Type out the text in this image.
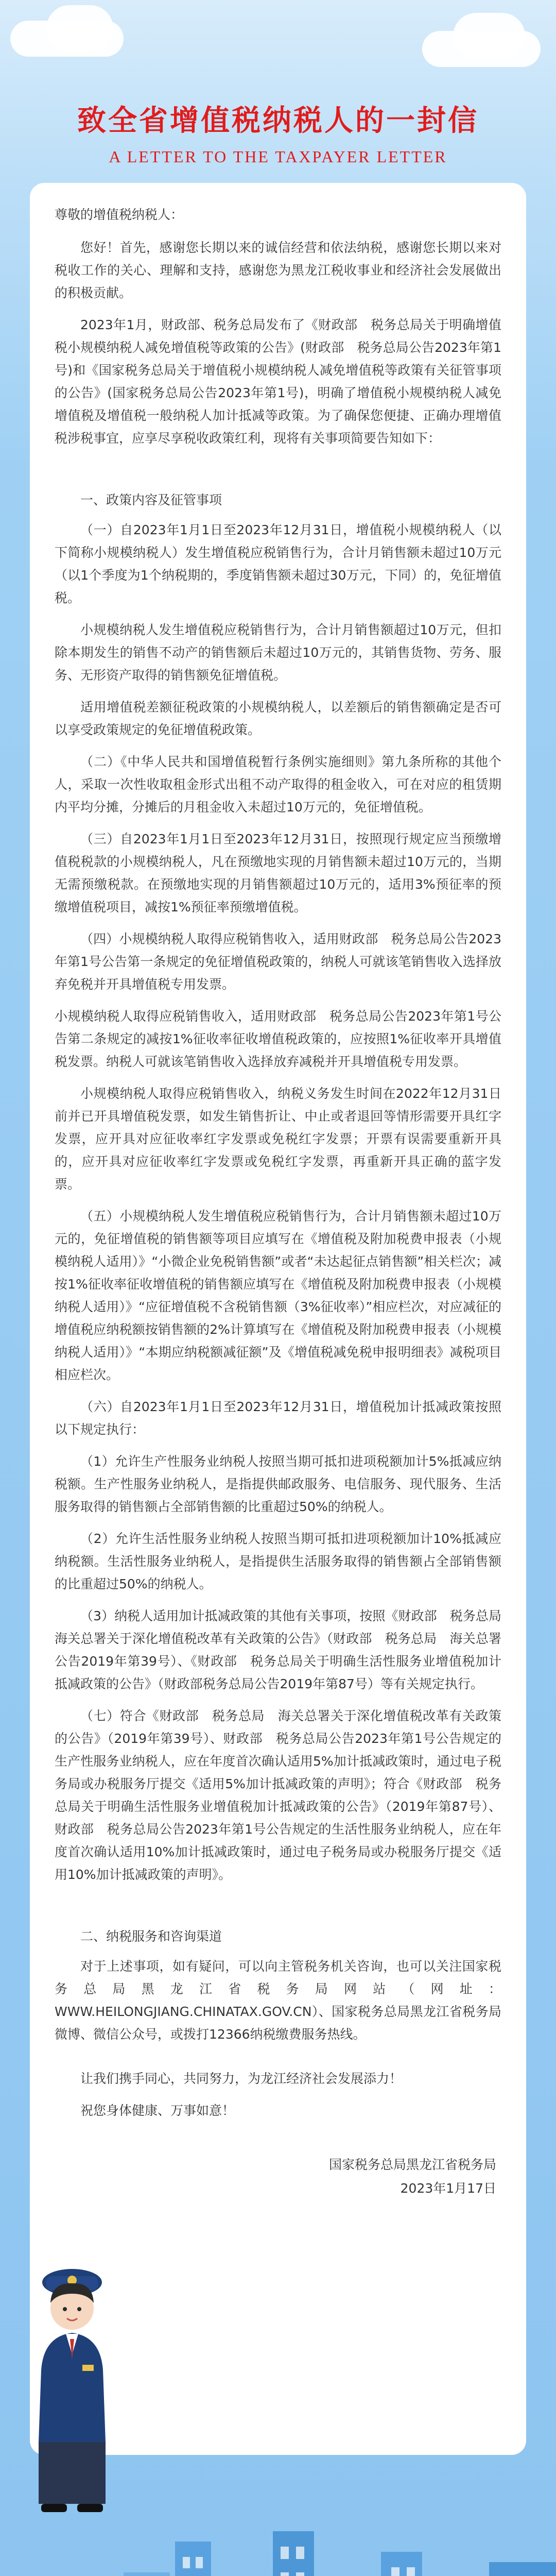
致全省增值税纳税人的一封信
A LETTER TO THE TAXPAYER LETTER
尊敬的增值税纳税人：

您好！首先，感谢您长期以来的诚信经营和依法纳税，感谢您长期以来对税收工作的关心、理解和支持，感谢您为黑龙江税收事业和经济社会发展做出的积极贡献。

2023年1月，财政部、税务总局发布了《财政部　税务总局关于明确增值税小规模纳税人减免增值税等政策的公告》(财政部　税务总局公告2023年第1号)和《国家税务总局关于增值税小规模纳税人减免增值税等政策有关征管事项的公告》(国家税务总局公告2023年第1号)，明确了增值税小规模纳税人减免增值税及增值税一般纳税人加计抵减等政策。为了确保您便捷、正确办理增值税涉税事宜，应享尽享税收政策红利，现将有关事项简要告知如下：

一、政策内容及征管事项

（一）自2023年1月1日至2023年12月31日，增值税小规模纳税人（以下简称小规模纳税人）发生增值税应税销售行为，合计月销售额未超过10万元（以1个季度为1个纳税期的，季度销售额未超过30万元，下同）的，免征增值税。

小规模纳税人发生增值税应税销售行为，合计月销售额超过10万元，但扣除本期发生的销售不动产的销售额后未超过10万元的，其销售货物、劳务、服务、无形资产取得的销售额免征增值税。

适用增值税差额征税政策的小规模纳税人，以差额后的销售额确定是否可以享受政策规定的免征增值税政策。

（二）《中华人民共和国增值税暂行条例实施细则》第九条所称的其他个人，采取一次性收取租金形式出租不动产取得的租金收入，可在对应的租赁期内平均分摊，分摊后的月租金收入未超过10万元的，免征增值税。

（三）自2023年1月1日至2023年12月31日，按照现行规定应当预缴增值税税款的小规模纳税人，凡在预缴地实现的月销售额未超过10万元的，当期无需预缴税款。在预缴地实现的月销售额超过10万元的，适用3%预征率的预缴增值税项目，减按1%预征率预缴增值税。

（四）小规模纳税人取得应税销售收入，适用财政部　税务总局公告2023年第1号公告第一条规定的免征增值税政策的，纳税人可就该笔销售收入选择放弃免税并开具增值税专用发票。

小规模纳税人取得应税销售收入，适用财政部　税务总局公告2023年第1号公告第二条规定的减按1%征收率征收增值税政策的，应按照1%征收率开具增值税发票。纳税人可就该笔销售收入选择放弃减税并开具增值税专用发票。

小规模纳税人取得应税销售收入，纳税义务发生时间在2022年12月31日前并已开具增值税发票，如发生销售折让、中止或者退回等情形需要开具红字发票，应开具对应征收率红字发票或免税红字发票；开票有误需要重新开具的，应开具对应征收率红字发票或免税红字发票，再重新开具正确的蓝字发票。

（五）小规模纳税人发生增值税应税销售行为，合计月销售额未超过10万元的，免征增值税的销售额等项目应填写在《增值税及附加税费申报表（小规模纳税人适用）》“小微企业免税销售额”或者“未达起征点销售额”相关栏次；减按1%征收率征收增值税的销售额应填写在《增值税及附加税费申报表（小规模纳税人适用）》“应征增值税不含税销售额（3%征收率）”相应栏次，对应减征的增值税应纳税额按销售额的2%计算填写在《增值税及附加税费申报表（小规模纳税人适用）》“本期应纳税额减征额”及《增值税减免税申报明细表》减税项目相应栏次。

（六）自2023年1月1日至2023年12月31日，增值税加计抵减政策按照以下规定执行：

（1）允许生产性服务业纳税人按照当期可抵扣进项税额加计5%抵减应纳税额。生产性服务业纳税人，是指提供邮政服务、电信服务、现代服务、生活服务取得的销售额占全部销售额的比重超过50%的纳税人。

（2）允许生活性服务业纳税人按照当期可抵扣进项税额加计10%抵减应纳税额。生活性服务业纳税人，是指提供生活服务取得的销售额占全部销售额的比重超过50%的纳税人。

（3）纳税人适用加计抵减政策的其他有关事项，按照《财政部　税务总局　海关总署关于深化增值税改革有关政策的公告》（财政部　税务总局　海关总署公告2019年第39号）、《财政部　税务总局关于明确生活性服务业增值税加计抵减政策的公告》（财政部税务总局公告2019年第87号）等有关规定执行。

（七）符合《财政部　税务总局　海关总署关于深化增值税改革有关政策的公告》（2019年第39号）、财政部　税务总局公告2023年第1号公告规定的生产性服务业纳税人，应在年度首次确认适用5%加计抵减政策时，通过电子税务局或办税服务厅提交《适用5%加计抵减政策的声明》；符合《财政部　税务总局关于明确生活性服务业增值税加计抵减政策的公告》（2019年第87号）、财政部　税务总局公告2023年第1号公告规定的生活性服务业纳税人，应在年度首次确认适用10%加计抵减政策时，通过电子税务局或办税服务厅提交《适用10%加计抵减政策的声明》。

二、纳税服务和咨询渠道

对于上述事项，如有疑问，可以向主管税务机关咨询，也可以关注国家税务总局黑龙江省税务局网站（网址：WWW.HEILONGJIANG.CHINATAX.GOV.CN）、国家税务总局黑龙江省税务局微博、微信公众号，或拨打12366纳税缴费服务热线。

让我们携手同心，共同努力，为龙江经济社会发展添力！

祝您身体健康、万事如意！

国家税务总局黑龙江省税务局
2023年1月17日
